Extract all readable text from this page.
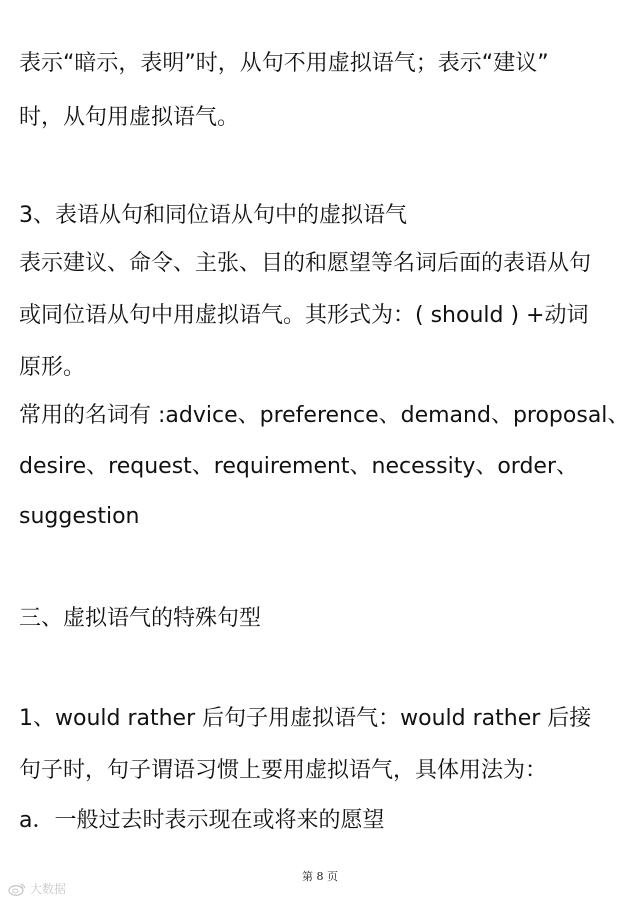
表示“暗示，表明”时，从句不用虚拟语气；表示“建议”
时，从句用虚拟语气。
3、表语从句和同位语从句中的虚拟语气
表示建议、命令、主张、目的和愿望等名词后面的表语从句
或同位语从句中用虚拟语气。其形式为：( should ) +动词
原形。
常用的名词有 :advice、preference、demand、proposal、
desire、request、requirement、necessity、order、
suggestion
三、虚拟语气的特殊句型
1、would rather 后句子用虚拟语气：would rather 后接
句子时，句子谓语习惯上要用虚拟语气，具体用法为：
a．一般过去时表示现在或将来的愿望
第 8 页
大数据
